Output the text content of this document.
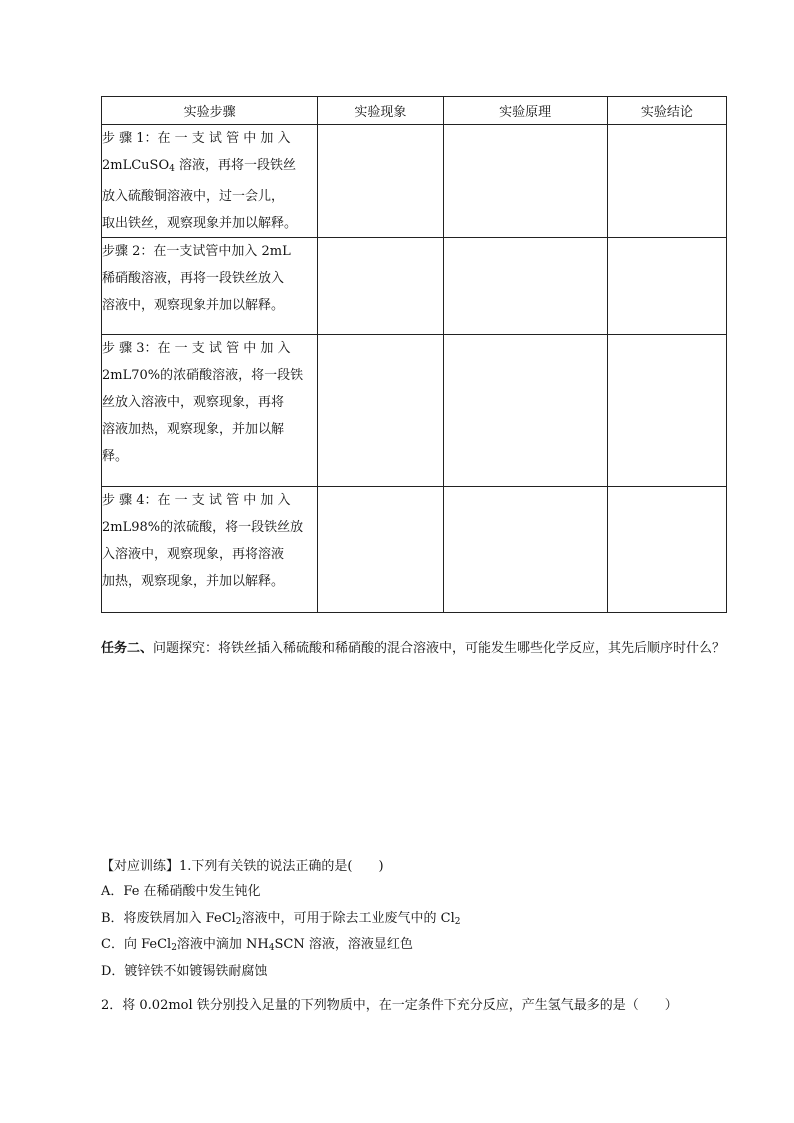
实验步骤	实验现象	实验原理	实验结论

步 骤 1：在 一 支 试 管 中 加 入
2mLCuSO$_4$ 溶液，再将一段铁丝
放入硫酸铜溶液中，过一会儿，
取出铁丝，观察现象并加以解释。			

步骤 2：在一支试管中加入 2mL
稀硝酸溶液，再将一段铁丝放入
溶液中，观察现象并加以解释。			

步 骤 3：在 一 支 试 管 中 加 入
2mL70%的浓硝酸溶液，将一段铁
丝放入溶液中，观察现象，再将
溶液加热，观察现象，并加以解
释。			

步 骤 4：在 一 支 试 管 中 加 入
2mL98%的浓硫酸，将一段铁丝放
入溶液中，观察现象，再将溶液
加热，观察现象，并加以解释。			

任务二、问题探究：将铁丝插入稀硫酸和稀硝酸的混合溶液中，可能发生哪些化学反应，其先后顺序时什么？
【对应训练】1.下列有关铁的说法正确的是(　　)
A．Fe 在稀硝酸中发生钝化
B．将废铁屑加入 FeCl$_2$溶液中，可用于除去工业废气中的 $Cl_2$
C．向 FeCl$_2$溶液中滴加 $NH_4SCN$ 溶液，溶液显红色
D．镀锌铁不如镀锡铁耐腐蚀
2．将 0.02mol 铁分别投入足量的下列物质中，在一定条件下充分反应，产生氢气最多的是（　　）
